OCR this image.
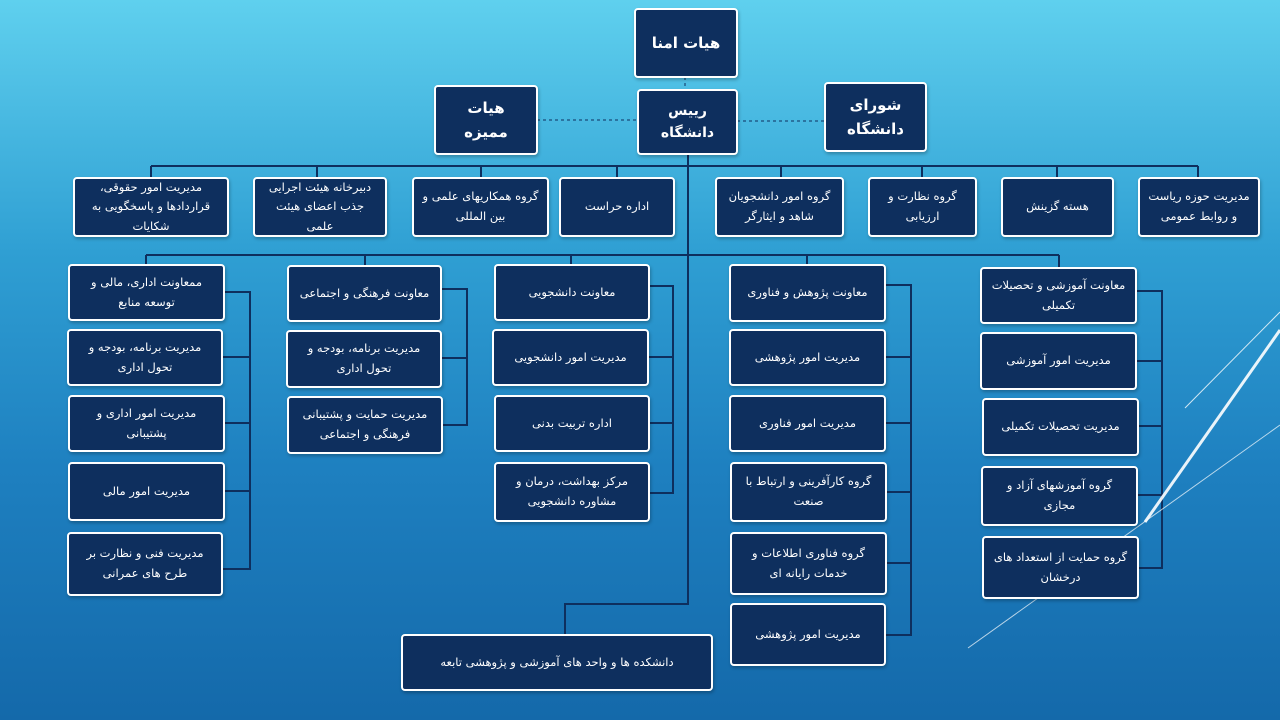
هیات امنا
رییس دانشگاه
هیات ممیزه
شورای دانشگاه
مدیریت امور حقوقی، قراردادها و پاسخگویی به شکایات
دبیرخانه هیئت اجرایی جذب اعضای هیئت علمی
گروه همکاریهای علمی و بین المللی
اداره حراست
گروه امور دانشجویان شاهد و ایثارگر
گروه نظارت و ارزیابی
هسته گزینش
مدیریت حوزه ریاست و روابط عمومی
ممعاونت اداری، مالی و توسعه منابع
مدیریت برنامه، بودجه و تحول اداری
مدیریت امور اداری و پشتیبانی
مدیریت امور مالی
مدیریت فنی و نظارت بر طرح های عمرانی
معاونت فرهنگی و اجتماعی
مدیریت برنامه، بودجه و تحول اداری
مدیریت حمایت و پشتیبانی فرهنگی و اجتماعی
معاونت دانشجویی
مدیریت امور دانشجویی
اداره تربیت بدنی
مرکز بهداشت، درمان و مشاوره دانشجویی
معاونت پژوهش و فناوری
مدیریت امور پژوهشی
مدیریت امور فناوری
گروه کارآفرینی و ارتباط با صنعت
گروه فناوری اطلاعات و خدمات رایانه ای
مدیریت امور پژوهشی
معاونت آموزشی و تحصیلات تکمیلی
مدیریت امور آموزشی
مدیریت تحصیلات تکمیلی
گروه آموزشهای آزاد و مجازی
گروه حمایت از استعداد های درخشان
دانشکده ها و واحد های آموزشی و پژوهشی تابعه
